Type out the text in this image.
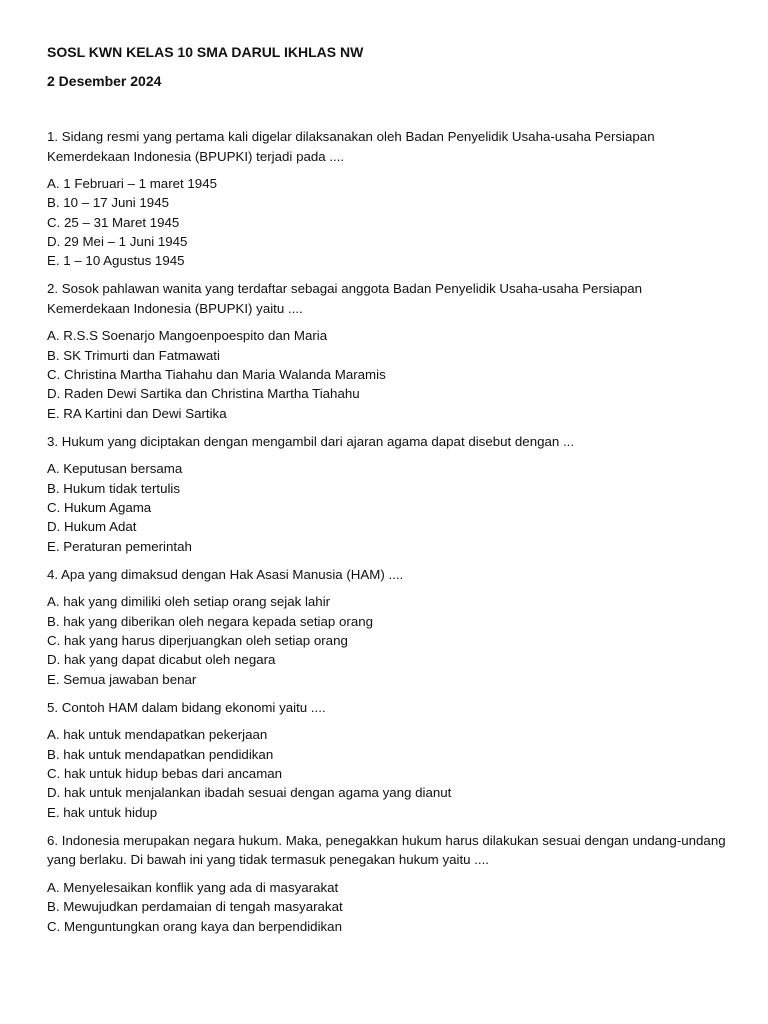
SOSL KWN KELAS 10 SMA DARUL IKHLAS NW
2 Desember 2024

1. Sidang resmi yang pertama kali digelar dilaksanakan oleh Badan Penyelidik Usaha-usaha Persiapan Kemerdekaan Indonesia (BPUPKI) terjadi pada ....

A. 1 Februari – 1 maret 1945
B. 10 – 17 Juni 1945
C. 25 – 31 Maret 1945
D. 29 Mei – 1 Juni 1945
E. 1 – 10 Agustus 1945

2. Sosok pahlawan wanita yang terdaftar sebagai anggota Badan Penyelidik Usaha-usaha Persiapan Kemerdekaan Indonesia (BPUPKI) yaitu ....

A. R.S.S Soenarjo Mangoenpoespito dan Maria
B. SK Trimurti dan Fatmawati
C. Christina Martha Tiahahu dan Maria Walanda Maramis
D. Raden Dewi Sartika dan Christina Martha Tiahahu
E. RA Kartini dan Dewi Sartika

3. Hukum yang diciptakan dengan mengambil dari ajaran agama dapat disebut dengan ...

A. Keputusan bersama
B. Hukum tidak tertulis
C. Hukum Agama
D. Hukum Adat
E. Peraturan pemerintah

4. Apa yang dimaksud dengan Hak Asasi Manusia (HAM) ....

A. hak yang dimiliki oleh setiap orang sejak lahir
B. hak yang diberikan oleh negara kepada setiap orang
C. hak yang harus diperjuangkan oleh setiap orang
D. hak yang dapat dicabut oleh negara
E. Semua jawaban benar

5. Contoh HAM dalam bidang ekonomi yaitu ....

A. hak untuk mendapatkan pekerjaan
B. hak untuk mendapatkan pendidikan
C. hak untuk hidup bebas dari ancaman
D. hak untuk menjalankan ibadah sesuai dengan agama yang dianut
E. hak untuk hidup

6. Indonesia merupakan negara hukum. Maka, penegakkan hukum harus dilakukan sesuai dengan undang-undang yang berlaku. Di bawah ini yang tidak termasuk penegakan hukum yaitu ....

A. Menyelesaikan konflik yang ada di masyarakat
B. Mewujudkan perdamaian di tengah masyarakat
C. Menguntungkan orang kaya dan berpendidikan
